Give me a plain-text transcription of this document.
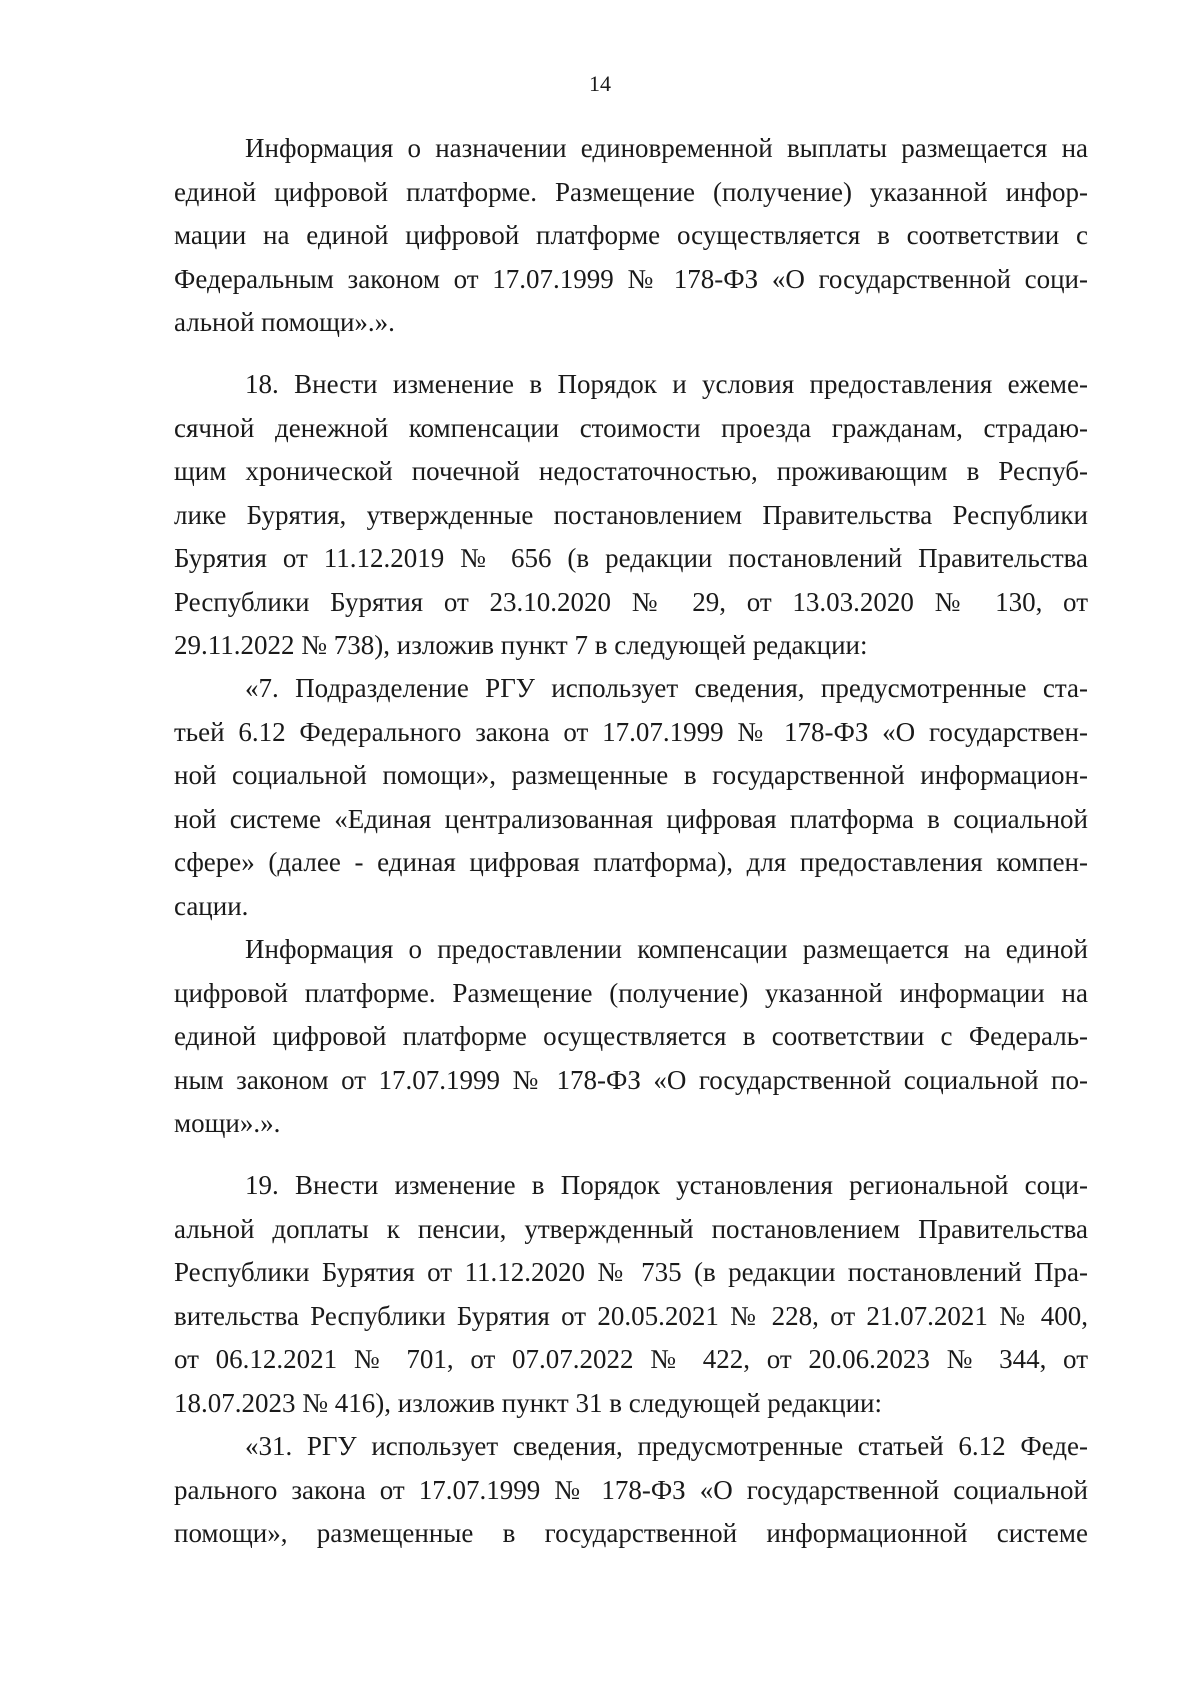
14
Информация о назначении единовременной выплаты размещается на
единой цифровой платформе. Размещение (получение) указанной инфор-
мации на единой цифровой платформе осуществляется в соответствии с
Федеральным законом от 17.07.1999 № 178-ФЗ «О государственной соци-
альной помощи».».
18. Внести изменение в Порядок и условия предоставления ежеме-
сячной денежной компенсации стоимости проезда гражданам, страдаю-
щим хронической почечной недостаточностью, проживающим в Респуб-
лике Бурятия, утвержденные постановлением Правительства Республики
Бурятия от 11.12.2019 № 656 (в редакции постановлений Правительства
Республики Бурятия от 23.10.2020 № 29, от 13.03.2020 № 130, от
29.11.2022 № 738), изложив пункт 7 в следующей редакции:
«7. Подразделение РГУ использует сведения, предусмотренные ста-
тьей 6.12 Федерального закона от 17.07.1999 № 178-ФЗ «О государствен-
ной социальной помощи», размещенные в государственной информацион-
ной системе «Единая централизованная цифровая платформа в социальной
сфере» (далее - единая цифровая платформа), для предоставления компен-
сации.
Информация о предоставлении компенсации размещается на единой
цифровой платформе. Размещение (получение) указанной информации на
единой цифровой платформе осуществляется в соответствии с Федераль-
ным законом от 17.07.1999 № 178-ФЗ «О государственной социальной по-
мощи».».
19. Внести изменение в Порядок установления региональной соци-
альной доплаты к пенсии, утвержденный постановлением Правительства
Республики Бурятия от 11.12.2020 № 735 (в редакции постановлений Пра-
вительства Республики Бурятия от 20.05.2021 № 228, от 21.07.2021 № 400,
от 06.12.2021 № 701, от 07.07.2022 № 422, от 20.06.2023 № 344, от
18.07.2023 № 416), изложив пункт 31 в следующей редакции:
«31. РГУ использует сведения, предусмотренные статьей 6.12 Феде-
рального закона от 17.07.1999 № 178-ФЗ «О государственной социальной
помощи», размещенные в государственной информационной системе
